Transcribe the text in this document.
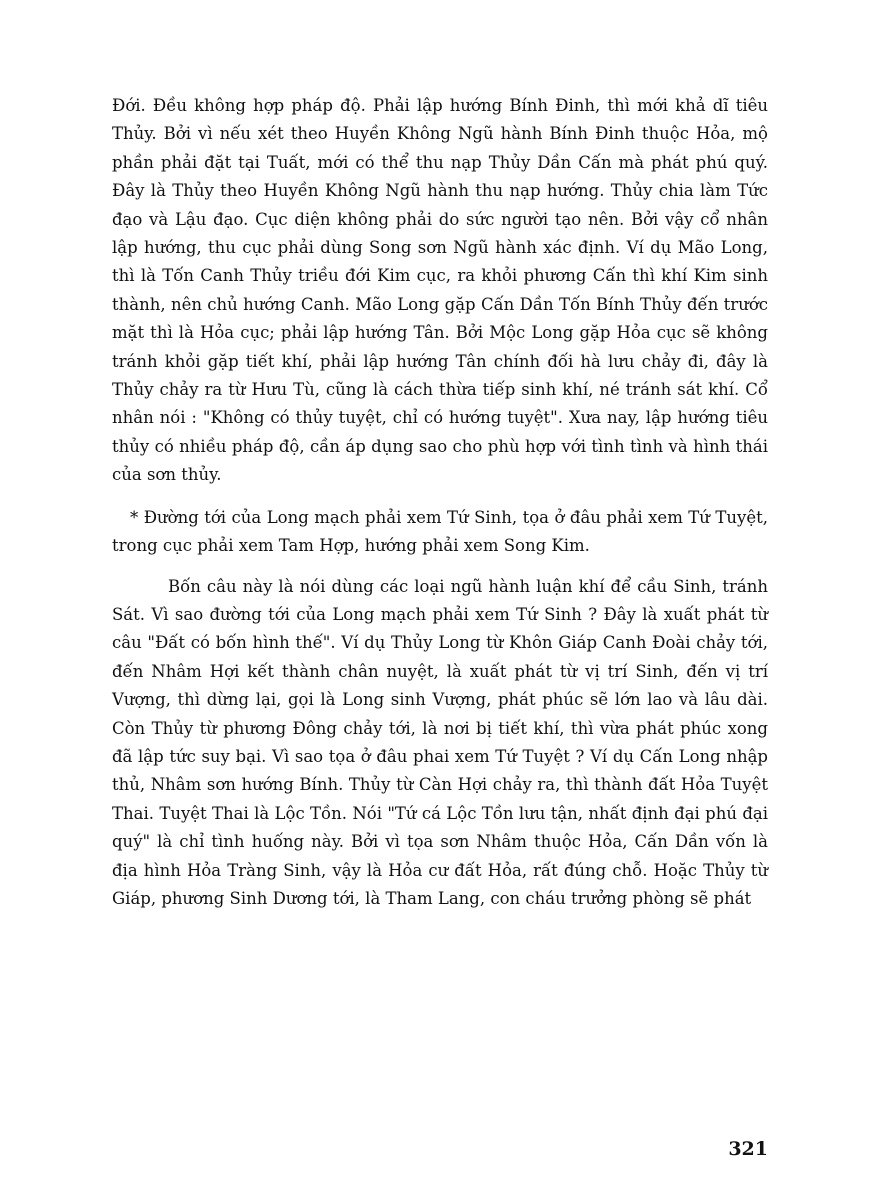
Đới. Đều không hợp pháp độ. Phải lập hướng Bính Đinh, thì mới khả dĩ tiêu Thủy. Bởi vì nếu xét theo Huyền Không Ngũ hành Bính Đinh thuộc Hỏa, mộ phần phải đặt tại Tuất, mới có thể thu nạp Thủy Dần Cấn mà phát phú quý. Đây là Thủy theo Huyền Không Ngũ hành thu nạp hướng. Thủy chia làm Tức đạo và Lậu đạo. Cục diện không phải do sức người tạo nên. Bởi vậy cổ nhân lập hướng, thu cục phải dùng Song sơn Ngũ hành xác định. Ví dụ Mão Long, thì là Tốn Canh Thủy triều đới Kim cục, ra khỏi phương Cấn thì khí Kim sinh thành, nên chủ hướng Canh. Mão Long gặp Cấn Dần Tốn Bính Thủy đến trước mặt thì là Hỏa cục; phải lập hướng Tân. Bởi Mộc Long gặp Hỏa cục sẽ không tránh khỏi gặp tiết khí, phải lập hướng Tân chính đối hà lưu chảy đi, đây là Thủy chảy ra từ Hưu Tù, cũng là cách thừa tiếp sinh khí, né tránh sát khí. Cổ nhân nói : "Không có thủy tuyệt, chỉ có hướng tuyệt". Xưa nay, lập hướng tiêu thủy có nhiều pháp độ, cần áp dụng sao cho phù hợp với tình tình và hình thái của sơn thủy.

* Đường tới của Long mạch phải xem Tứ Sinh, tọa ở đâu phải xem Tứ Tuyệt, trong cục phải xem Tam Hợp, hướng phải xem Song Kim.

Bốn câu này là nói dùng các loại ngũ hành luận khí để cầu Sinh, tránh Sát. Vì sao đường tới của Long mạch phải xem Tứ Sinh ? Đây là xuất phát từ câu "Đất có bốn hình thế". Ví dụ Thủy Long từ Khôn Giáp Canh Đoài chảy tới, đến Nhâm Hợi kết thành chân nuyệt, là xuất phát từ vị trí Sinh, đến vị trí Vượng, thì dừng lại, gọi là Long sinh Vượng, phát phúc sẽ lớn lao và lâu dài. Còn Thủy từ phương Đông chảy tới, là nơi bị tiết khí, thì vừa phát phúc xong đã lập tức suy bại. Vì sao tọa ở đâu phai xem Tứ Tuyệt ? Ví dụ Cấn Long nhập thủ, Nhâm sơn hướng Bính. Thủy từ Càn Hợi chảy ra, thì thành đất Hỏa Tuyệt Thai. Tuyệt Thai là Lộc Tồn. Nói "Tứ cá Lộc Tồn lưu tận, nhất định đại phú đại quý" là chỉ tình huống này. Bởi vì tọa sơn Nhâm thuộc Hỏa, Cấn Dần vốn là địa hình Hỏa Tràng Sinh, vậy là Hỏa cư đất Hỏa, rất đúng chỗ. Hoặc Thủy từ Giáp, phương Sinh Dương tới, là Tham Lang, con cháu trưởng phòng sẽ phát

321
